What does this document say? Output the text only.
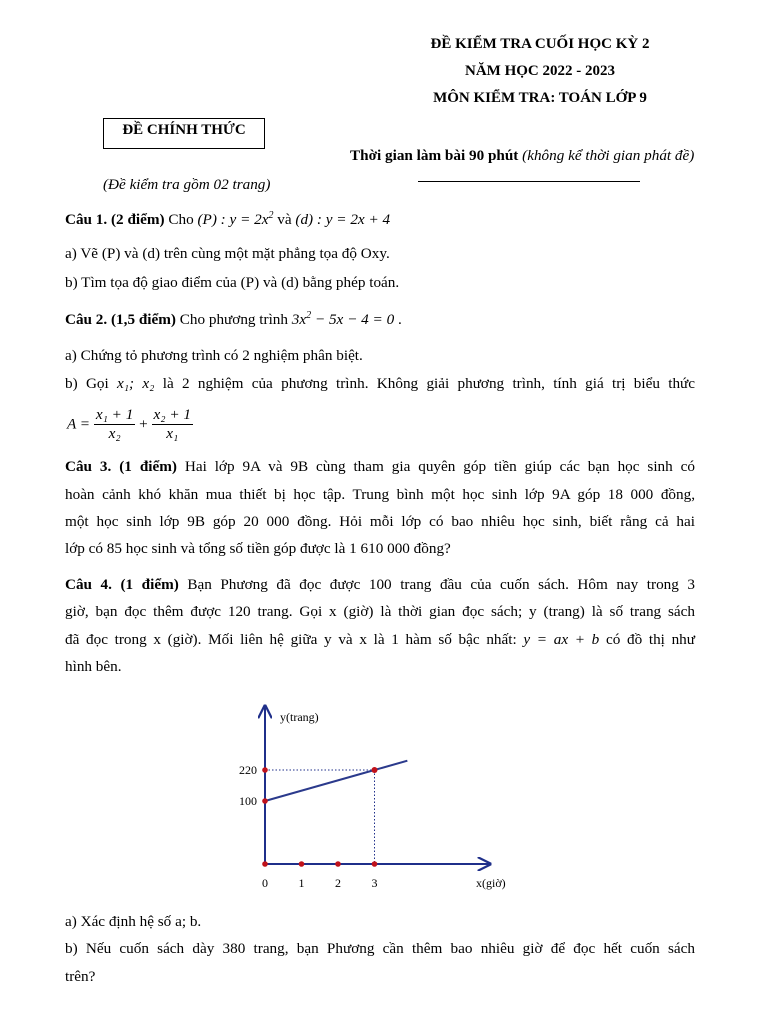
ĐỀ KIỂM TRA CUỐI HỌC KỲ 2
NĂM HỌC 2022 - 2023
MÔN KIỂM TRA: TOÁN LỚP 9
ĐỀ CHÍNH THỨC
Thời gian làm bài 90 phút (không kể thời gian phát đề)
(Đề kiểm tra gồm 02 trang)
Câu 1. (2 điểm) Cho (P) : $y = 2x^2$ và (d) : y = 2x + 4
a) Vẽ (P) và (d) trên cùng một mặt phẳng tọa độ Oxy.
b) Tìm tọa độ giao điểm của (P) và (d) bằng phép toán.
Câu 2. (1,5 điểm) Cho phương trình $3x^2 - 5x - 4 = 0$ .
a) Chứng tỏ phương trình có 2 nghiệm phân biệt.
b) Gọi x₁; x₂ là 2 nghiệm của phương trình. Không giải phương trình, tính giá trị biểu thức
$A = \frac{\text{x₁ + 1}}{\text{x₂}} + \frac{\text{x₂ + 1}}{\text{x₁}}$
Câu 3. (1 điểm) Hai lớp 9A và 9B cùng tham gia quyên góp tiền giúp các bạn học sinh có
hoàn cảnh khó khăn mua thiết bị học tập. Trung bình một học sinh lớp 9A góp 18 000 đồng,
một học sinh lớp 9B góp 20 000 đồng. Hỏi mỗi lớp có bao nhiêu học sinh, biết rằng cả hai
lớp có 85 học sinh và tổng số tiền góp được là 1 610 000 đồng?
Câu 4. (1 điểm) Bạn Phương đã đọc được 100 trang đầu của cuốn sách. Hôm nay trong 3
giờ, bạn đọc thêm được 120 trang. Gọi x (giờ) là thời gian đọc sách; y (trang) là số trang sách
đã đọc trong x (giờ). Mối liên hệ giữa y và x là 1 hàm số bậc nhất: y = ax + b có đồ thị như
hình bên.
0	1	2	3
100
220
y(trang)
x(giờ)
a) Xác định hệ số a; b.
b) Nếu cuốn sách dày 380 trang, bạn Phương cần thêm bao nhiêu giờ để đọc hết cuốn sách
trên?
